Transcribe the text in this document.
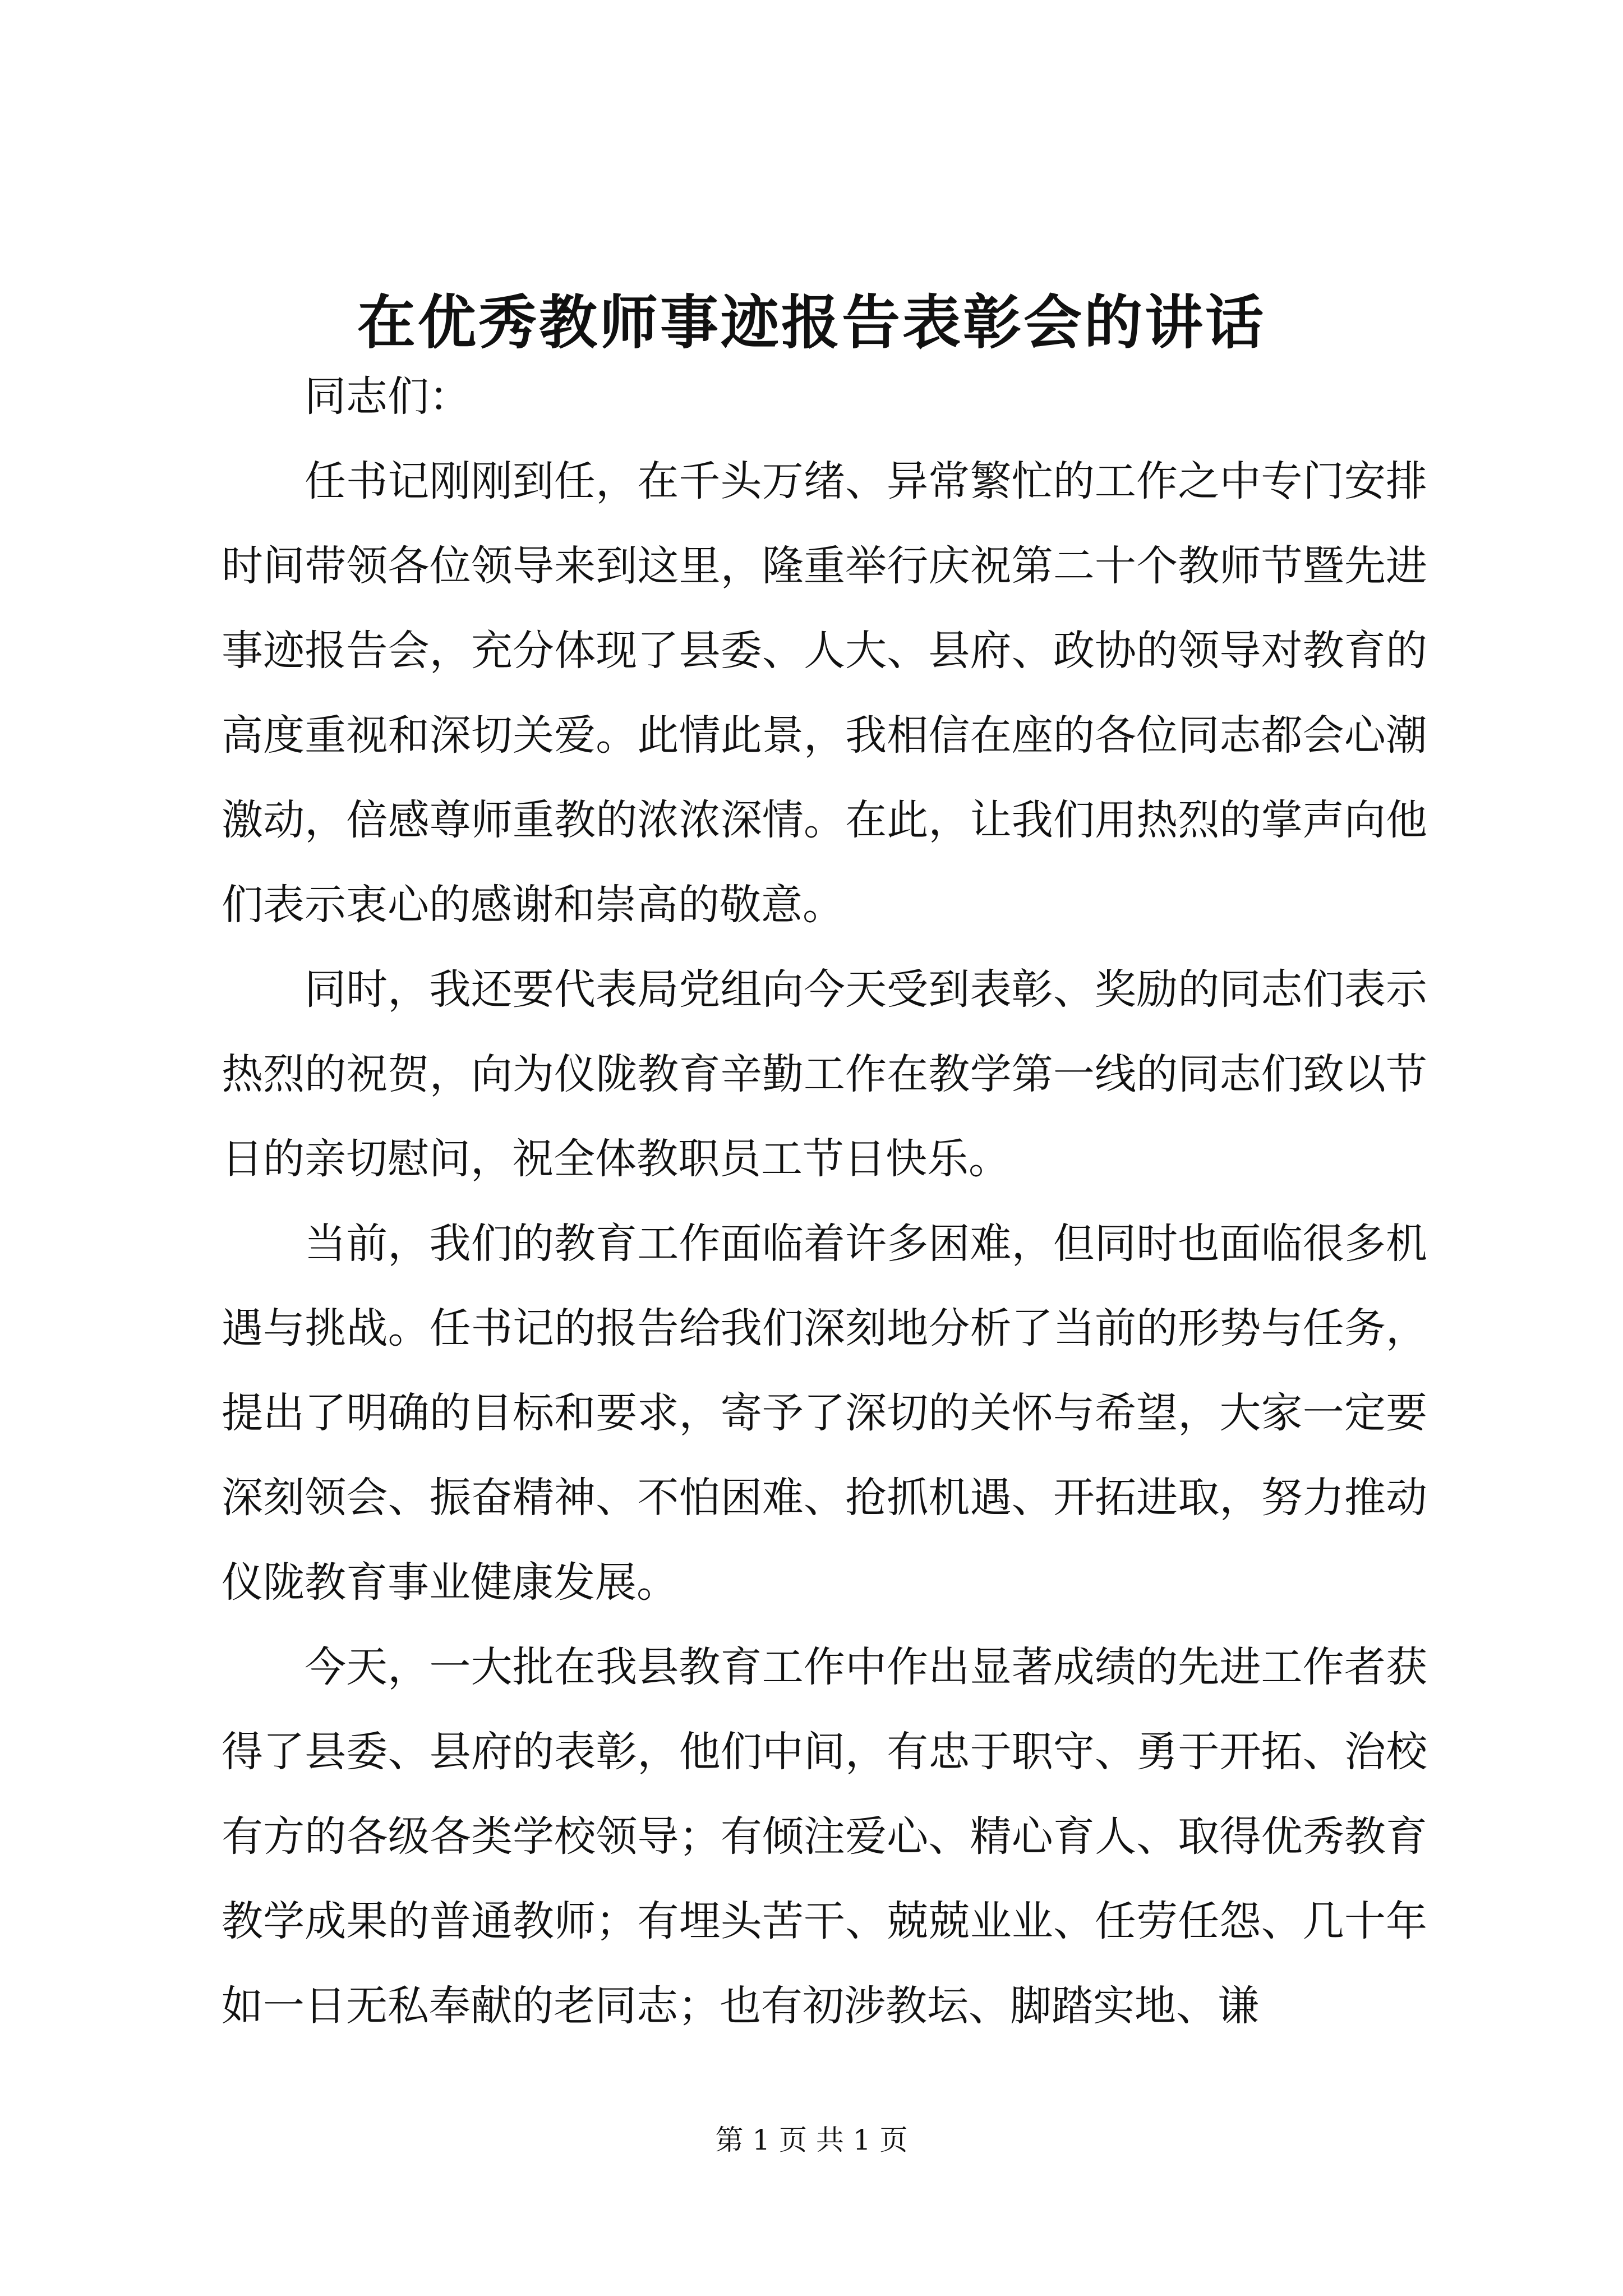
在优秀教师事迹报告表彰会的讲话

同志们：

任书记刚刚到任，在千头万绪、异常繁忙的工作之中专门安排时间带领各位领导来到这里，隆重举行庆祝第二十个教师节暨先进事迹报告会，充分体现了县委、人大、县府、政协的领导对教育的高度重视和深切关爱。此情此景，我相信在座的各位同志都会心潮激动，倍感尊师重教的浓浓深情。在此，让我们用热烈的掌声向他们表示衷心的感谢和崇高的敬意。

同时，我还要代表局党组向今天受到表彰、奖励的同志们表示热烈的祝贺，向为仪陇教育辛勤工作在教学第一线的同志们致以节日的亲切慰问，祝全体教职员工节日快乐。

当前，我们的教育工作面临着许多困难，但同时也面临很多机遇与挑战。任书记的报告给我们深刻地分析了当前的形势与任务，提出了明确的目标和要求，寄予了深切的关怀与希望，大家一定要深刻领会、振奋精神、不怕困难、抢抓机遇、开拓进取，努力推动仪陇教育事业健康发展。

今天，一大批在我县教育工作中作出显著成绩的先进工作者获得了县委、县府的表彰，他们中间，有忠于职守、勇于开拓、治校有方的各级各类学校领导；有倾注爱心、精心育人、取得优秀教育教学成果的普通教师；有埋头苦干、兢兢业业、任劳任怨、几十年如一日无私奉献的老同志；也有初涉教坛、脚踏实地、谦

第 1 页 共 1 页
